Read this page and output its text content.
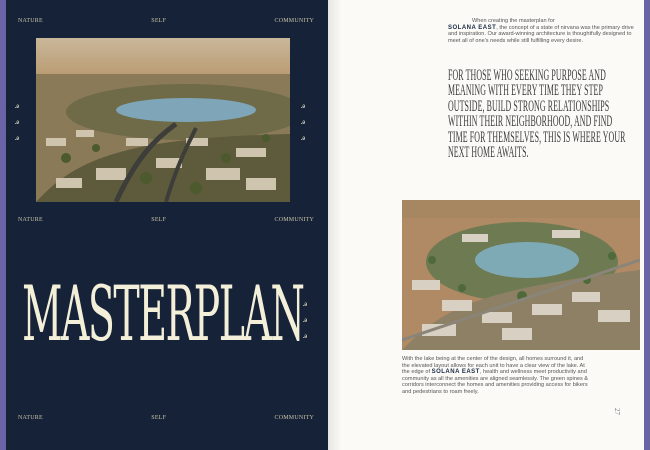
NATURE	SELF	COMMUNITY
ꭿ
ꭿ
ꭿ
ꭿ
ꭿ
ꭿ
NATURE	SELF	COMMUNITY
MASTERPLAN ꭿ
ꭿ
ꭿ
NATURE	SELF	COMMUNITY
When creating the masterplan for
SOLANA EAST, the concept of a state of nirvana was the primary drive and inspiration. Our award-winning architecture is thoughtfully designed to meet all of one's needs while still fulfilling every desire.
FOR THOSE WHO SEEKING PURPOSE AND MEANING WITH EVERY TIME THEY STEP OUTSIDE, BUILD STRONG RELATIONSHIPS WITHIN THEIR NEIGHBORHOOD, AND FIND TIME FOR THEMSELVES, THIS IS WHERE YOUR NEXT HOME AWAITS.
With the lake being at the center of the design, all homes surround it, and the elevated layout allows for each unit to have a clear view of the lake. At the edge of SOLANA EAST, health and wellness meet productivity and community as all the amenities are aligned seamlessly. The green spines & corridors interconnect the homes and amenities providing access for bikers and pedestrians to roam freely.
27
